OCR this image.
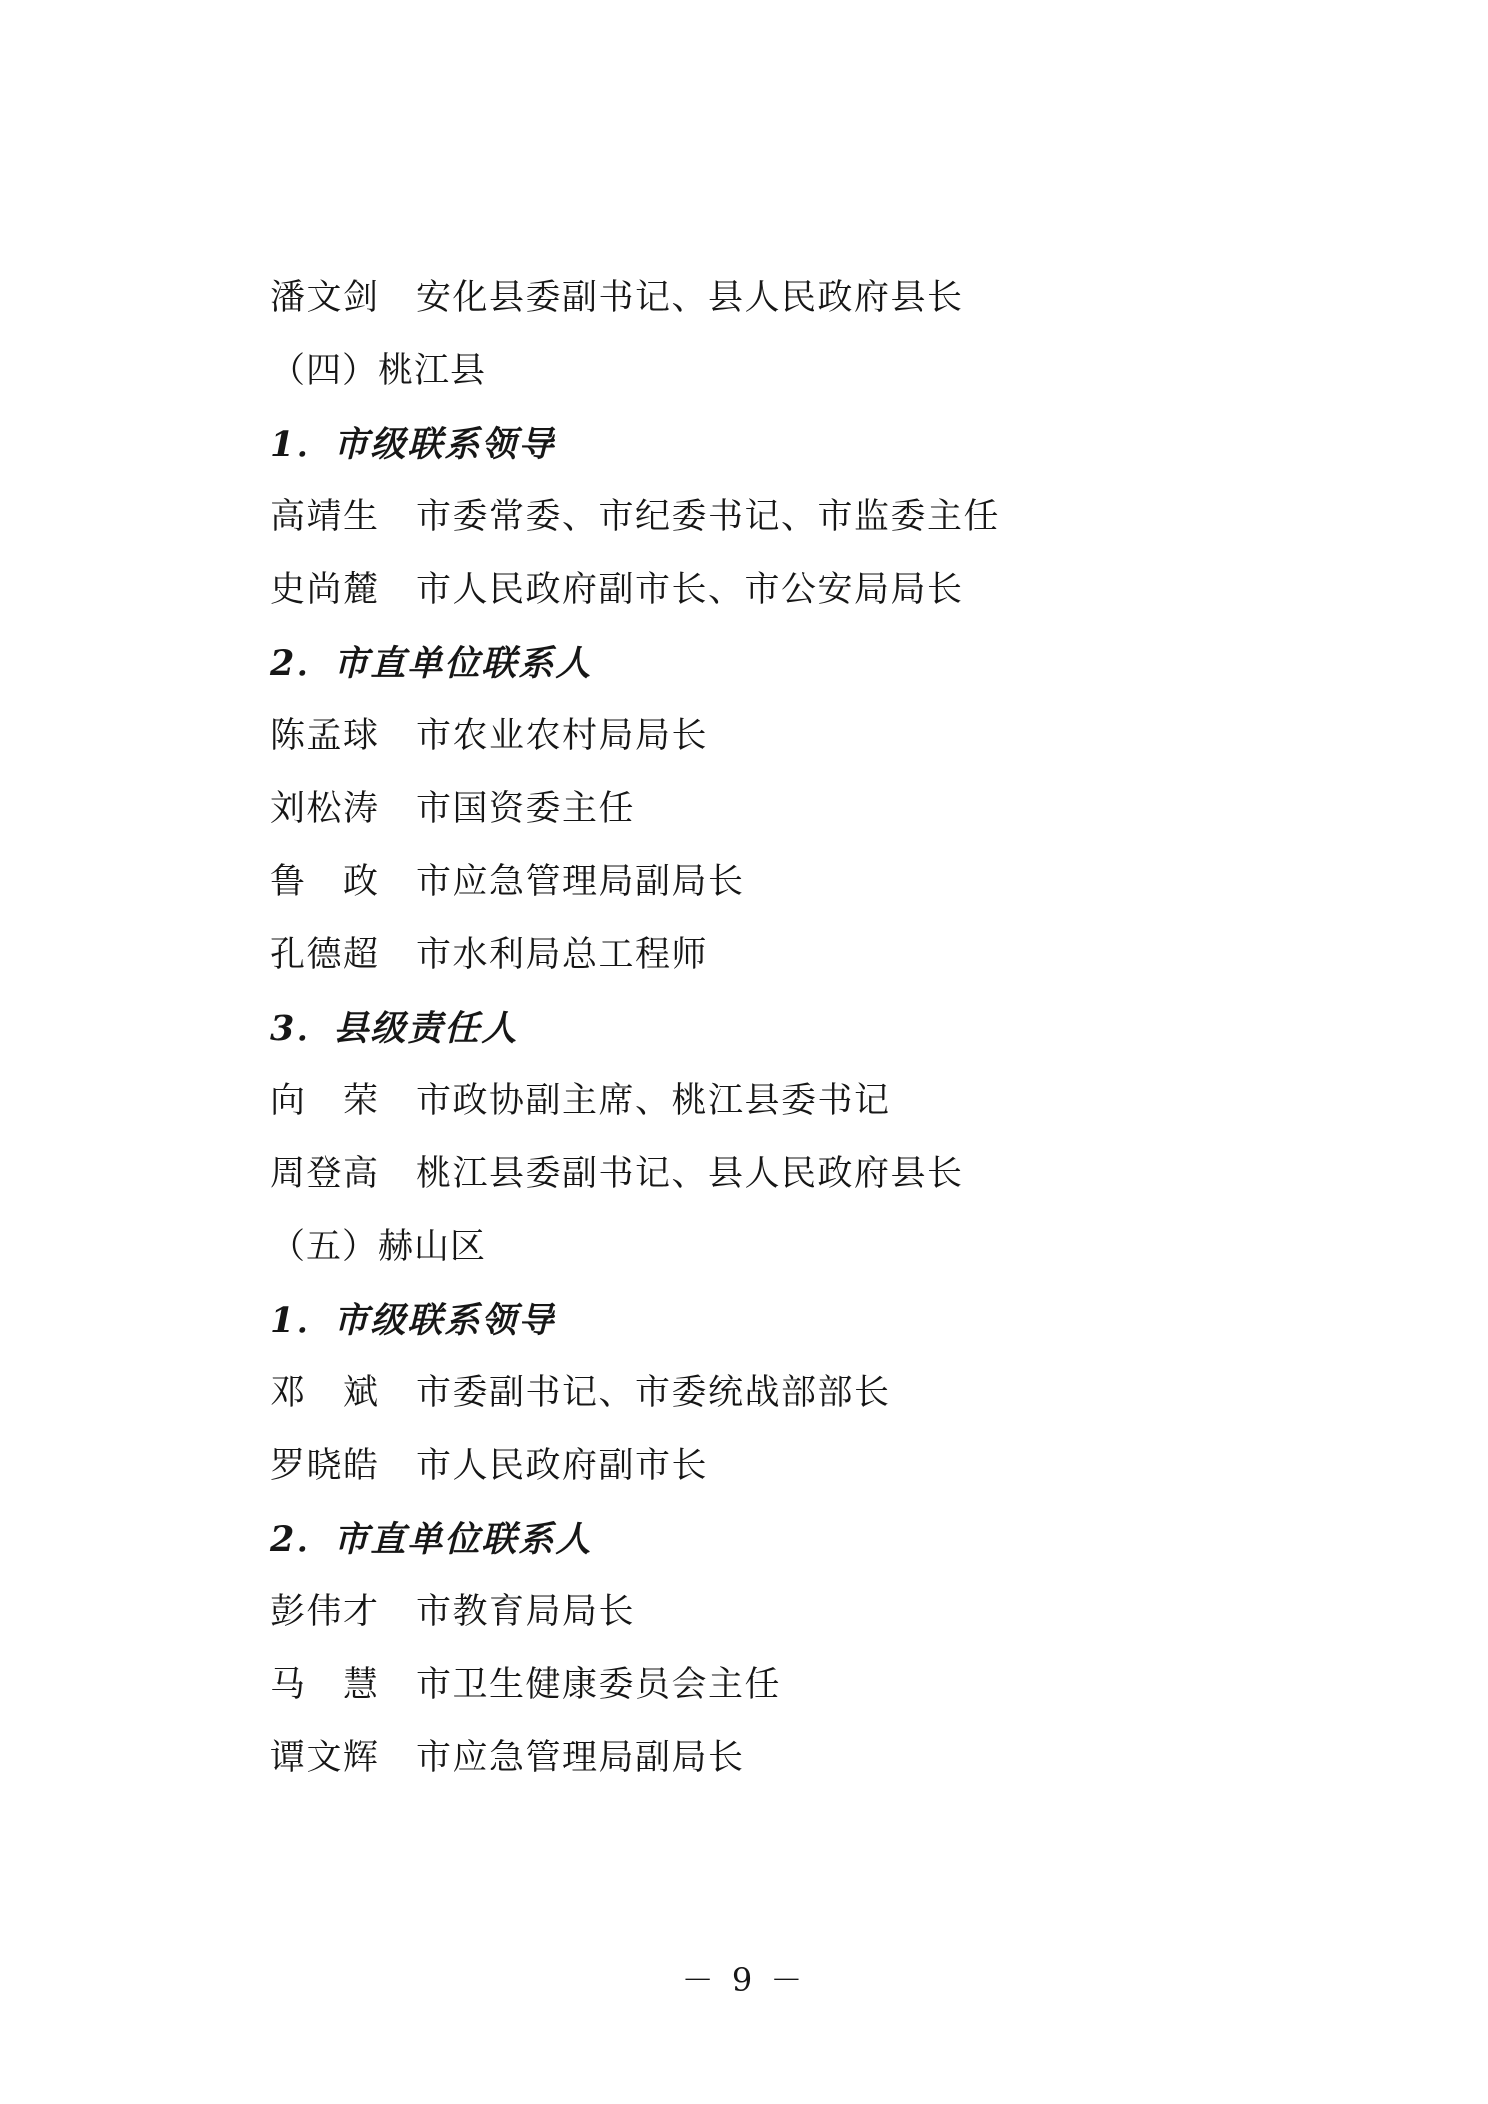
潘文剑　安化县委副书记、县人民政府县长
（四）桃江县
1．市级联系领导
高靖生　市委常委、市纪委书记、市监委主任
史尚麓　市人民政府副市长、市公安局局长
2．市直单位联系人
陈孟球　市农业农村局局长
刘松涛　市国资委主任
鲁　政　市应急管理局副局长
孔德超　市水利局总工程师
3．县级责任人
向　荣　市政协副主席、桃江县委书记
周登高　桃江县委副书记、县人民政府县长
（五）赫山区
1．市级联系领导
邓　斌　市委副书记、市委统战部部长
罗晓皓　市人民政府副市长
2．市直单位联系人
彭伟才　市教育局局长
马　慧　市卫生健康委员会主任
谭文辉　市应急管理局副局长
－ 9 －
